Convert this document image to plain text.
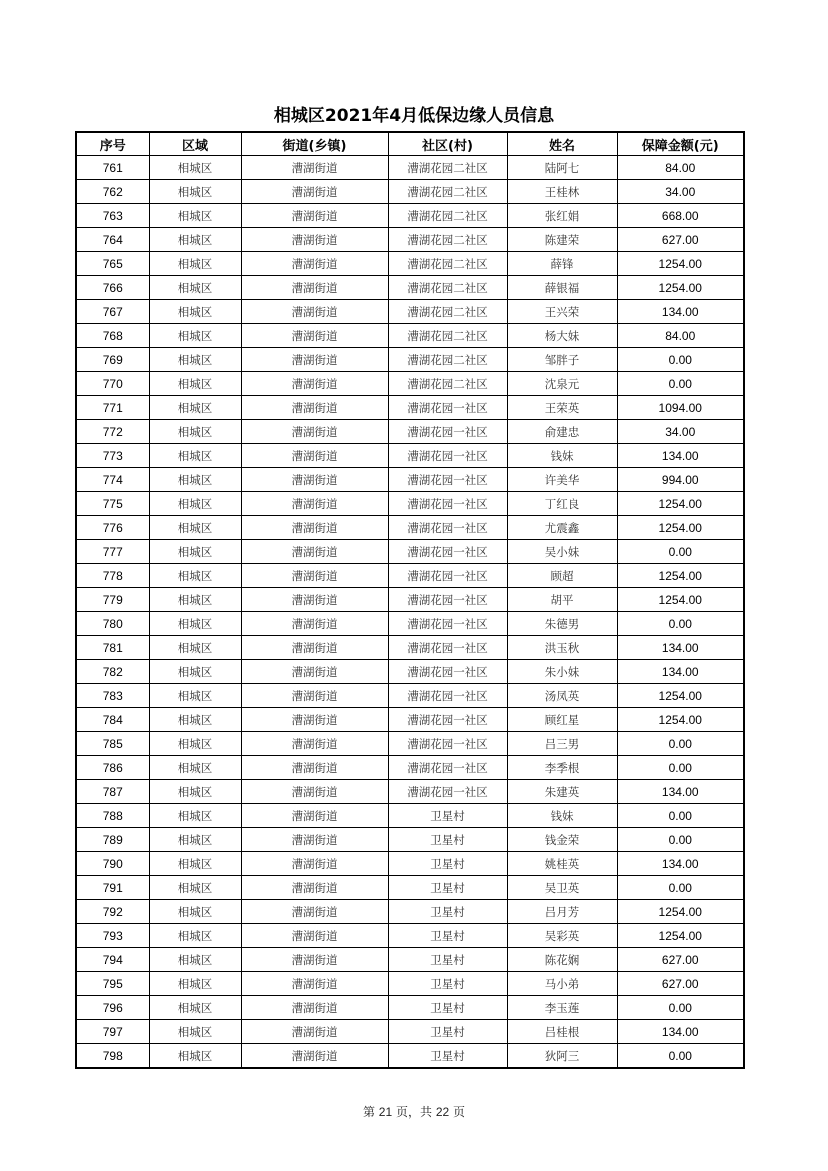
相城区2021年4月低保边缘人员信息
序号	区域	街道(乡镇)	社区(村)	姓名	保障金额(元)
761	相城区	漕湖街道	漕湖花园二社区	陆阿七	84.00
762	相城区	漕湖街道	漕湖花园二社区	王桂林	34.00
763	相城区	漕湖街道	漕湖花园二社区	张红娟	668.00
764	相城区	漕湖街道	漕湖花园二社区	陈建荣	627.00
765	相城区	漕湖街道	漕湖花园二社区	薛锋	1254.00
766	相城区	漕湖街道	漕湖花园二社区	薛银福	1254.00
767	相城区	漕湖街道	漕湖花园二社区	王兴荣	134.00
768	相城区	漕湖街道	漕湖花园二社区	杨大妹	84.00
769	相城区	漕湖街道	漕湖花园二社区	邹胖子	0.00
770	相城区	漕湖街道	漕湖花园二社区	沈泉元	0.00
771	相城区	漕湖街道	漕湖花园一社区	王荣英	1094.00
772	相城区	漕湖街道	漕湖花园一社区	俞建忠	34.00
773	相城区	漕湖街道	漕湖花园一社区	钱妹	134.00
774	相城区	漕湖街道	漕湖花园一社区	许美华	994.00
775	相城区	漕湖街道	漕湖花园一社区	丁红良	1254.00
776	相城区	漕湖街道	漕湖花园一社区	尤震鑫	1254.00
777	相城区	漕湖街道	漕湖花园一社区	吴小妹	0.00
778	相城区	漕湖街道	漕湖花园一社区	顾超	1254.00
779	相城区	漕湖街道	漕湖花园一社区	胡平	1254.00
780	相城区	漕湖街道	漕湖花园一社区	朱德男	0.00
781	相城区	漕湖街道	漕湖花园一社区	洪玉秋	134.00
782	相城区	漕湖街道	漕湖花园一社区	朱小妹	134.00
783	相城区	漕湖街道	漕湖花园一社区	汤凤英	1254.00
784	相城区	漕湖街道	漕湖花园一社区	顾红星	1254.00
785	相城区	漕湖街道	漕湖花园一社区	吕三男	0.00
786	相城区	漕湖街道	漕湖花园一社区	李季根	0.00
787	相城区	漕湖街道	漕湖花园一社区	朱建英	134.00
788	相城区	漕湖街道	卫星村	钱妹	0.00
789	相城区	漕湖街道	卫星村	钱金荣	0.00
790	相城区	漕湖街道	卫星村	姚桂英	134.00
791	相城区	漕湖街道	卫星村	吴卫英	0.00
792	相城区	漕湖街道	卫星村	吕月芳	1254.00
793	相城区	漕湖街道	卫星村	吴彩英	1254.00
794	相城区	漕湖街道	卫星村	陈花娴	627.00
795	相城区	漕湖街道	卫星村	马小弟	627.00
796	相城区	漕湖街道	卫星村	李玉莲	0.00
797	相城区	漕湖街道	卫星村	吕桂根	134.00
798	相城区	漕湖街道	卫星村	狄阿三	0.00
第 21 页，共 22 页
